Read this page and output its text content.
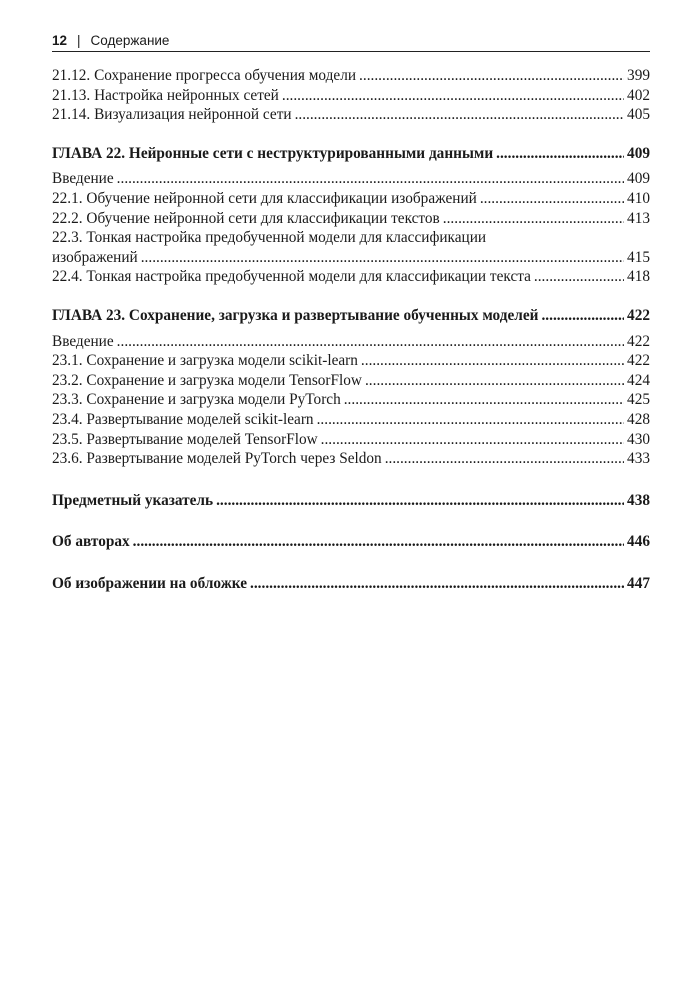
12 | Содержание
21.12. Сохранение прогресса обучения модели .....	399
21.13. Настройка нейронных сетей .....	402
21.14. Визуализация нейронной сети .....	405
ГЛАВА 22. Нейронные сети с неструктурированными данными .....	409
Введение .....	409
22.1. Обучение нейронной сети для классификации изображений .....	410
22.2. Обучение нейронной сети для классификации текстов .....	413
22.3. Тонкая настройка предобученной модели для классификации
изображений .....	415
22.4. Тонкая настройка предобученной модели для классификации текста .....	418
ГЛАВА 23. Сохранение, загрузка и развертывание обученных моделей .....	422
Введение .....	422
23.1. Сохранение и загрузка модели scikit-learn .....	422
23.2. Сохранение и загрузка модели TensorFlow .....	424
23.3. Сохранение и загрузка модели PyTorch .....	425
23.4. Развертывание моделей scikit-learn .....	428
23.5. Развертывание моделей TensorFlow .....	430
23.6. Развертывание моделей PyTorch через Seldon .....	433
Предметный указатель .....	438
Об авторах .....	446
Об изображении на обложке .....	447
